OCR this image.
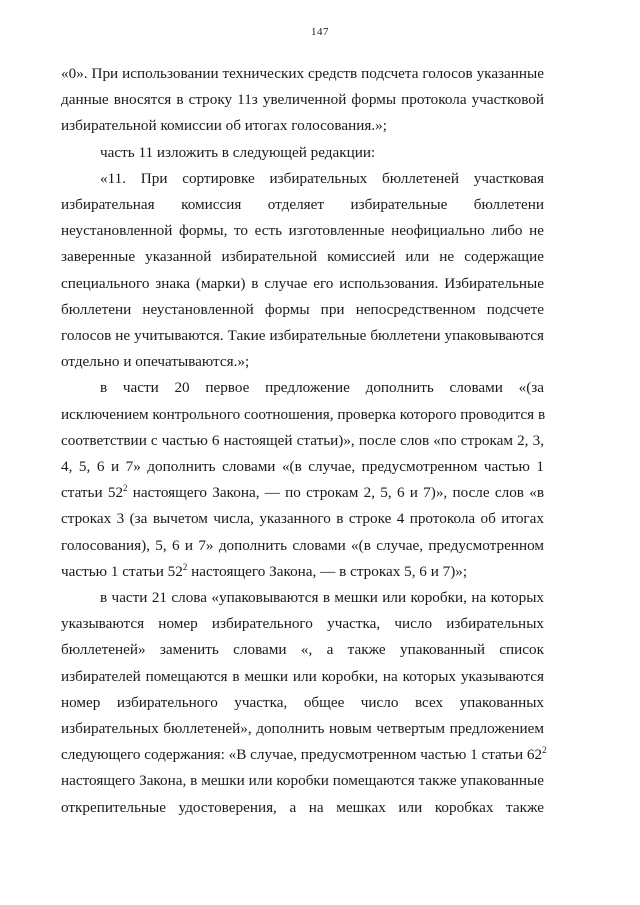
147
«0». При использовании технических средств подсчета голосов указанные
данные вносятся в строку 11з увеличенной формы протокола участковой
избирательной комиссии об итогах голосования.»;
часть 11 изложить в следующей редакции:
«11. При сортировке избирательных бюллетеней участковая
избирательная комиссия отделяет избирательные бюллетени
неустановленной формы, то есть изготовленные неофициально либо не
заверенные указанной избирательной комиссией или не содержащие
специального знака (марки) в случае его использования. Избирательные
бюллетени неустановленной формы при непосредственном подсчете
голосов не учитываются. Такие избирательные бюллетени упаковываются
отдельно и опечатываются.»;
в части 20 первое предложение дополнить словами «(за
исключением контрольного соотношения, проверка которого проводится в
соответствии с частью 6 настоящей статьи)», после слов «по строкам 2, 3,
4, 5, 6 и 7» дополнить словами «(в случае, предусмотренном частью 1
статьи $52^2$ настоящего Закона, — по строкам 2, 5, 6 и 7)», после слов «в
строках 3 (за вычетом числа, указанного в строке 4 протокола об итогах
голосования), 5, 6 и 7» дополнить словами «(в случае, предусмотренном
частью 1 статьи $52^2$ настоящего Закона, — в строках 5, 6 и 7)»;
в части 21 слова «упаковываются в мешки или коробки, на которых
указываются номер избирательного участка, число избирательных
бюллетеней» заменить словами «, а также упакованный список
избирателей помещаются в мешки или коробки, на которых указываются
номер избирательного участка, общее число всех упакованных
избирательных бюллетеней», дополнить новым четвертым предложением
следующего содержания: «В случае, предусмотренном частью 1 статьи $62^2$
настоящего Закона, в мешки или коробки помещаются также упакованные
открепительные удостоверения, а на мешках или коробках также
